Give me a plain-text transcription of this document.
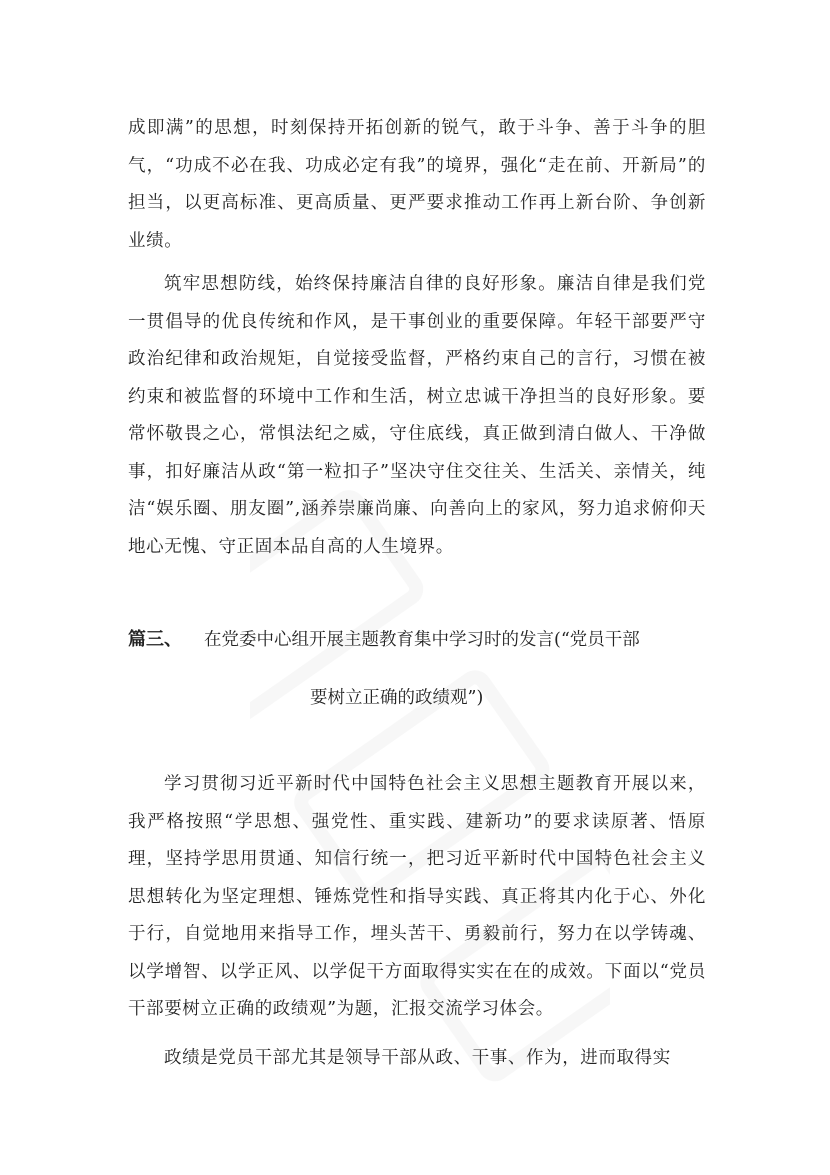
成即满”的思想，时刻保持开拓创新的锐气，敢于斗争、善于斗争的胆气，“功成不必在我、功成必定有我”的境界，强化“走在前、开新局”的担当，以更高标准、更高质量、更严要求推动工作再上新台阶、争创新业绩。

筑牢思想防线，始终保持廉洁自律的良好形象。廉洁自律是我们党一贯倡导的优良传统和作风，是干事创业的重要保障。年轻干部要严守政治纪律和政治规矩，自觉接受监督，严格约束自己的言行，习惯在被约束和被监督的环境中工作和生活，树立忠诚干净担当的良好形象。要常怀敬畏之心，常惧法纪之威，守住底线，真正做到清白做人、干净做事，扣好廉洁从政“第一粒扣子”坚决守住交往关、生活关、亲情关，纯洁“娱乐圈、朋友圈”,涵养崇廉尚廉、向善向上的家风，努力追求俯仰天地心无愧、守正固本品自高的人生境界。

篇三、 在党委中心组开展主题教育集中学习时的发言(“党员干部

要树立正确的政绩观”)

学习贯彻习近平新时代中国特色社会主义思想主题教育开展以来，我严格按照“学思想、强党性、重实践、建新功”的要求读原著、悟原理，坚持学思用贯通、知信行统一，把习近平新时代中国特色社会主义思想转化为坚定理想、锤炼党性和指导实践、真正将其内化于心、外化于行，自觉地用来指导工作，埋头苦干、勇毅前行，努力在以学铸魂、以学增智、以学正风、以学促干方面取得实实在在的成效。下面以“党员干部要树立正确的政绩观”为题，汇报交流学习体会。

政绩是党员干部尤其是领导干部从政、干事、作为，进而取得实
